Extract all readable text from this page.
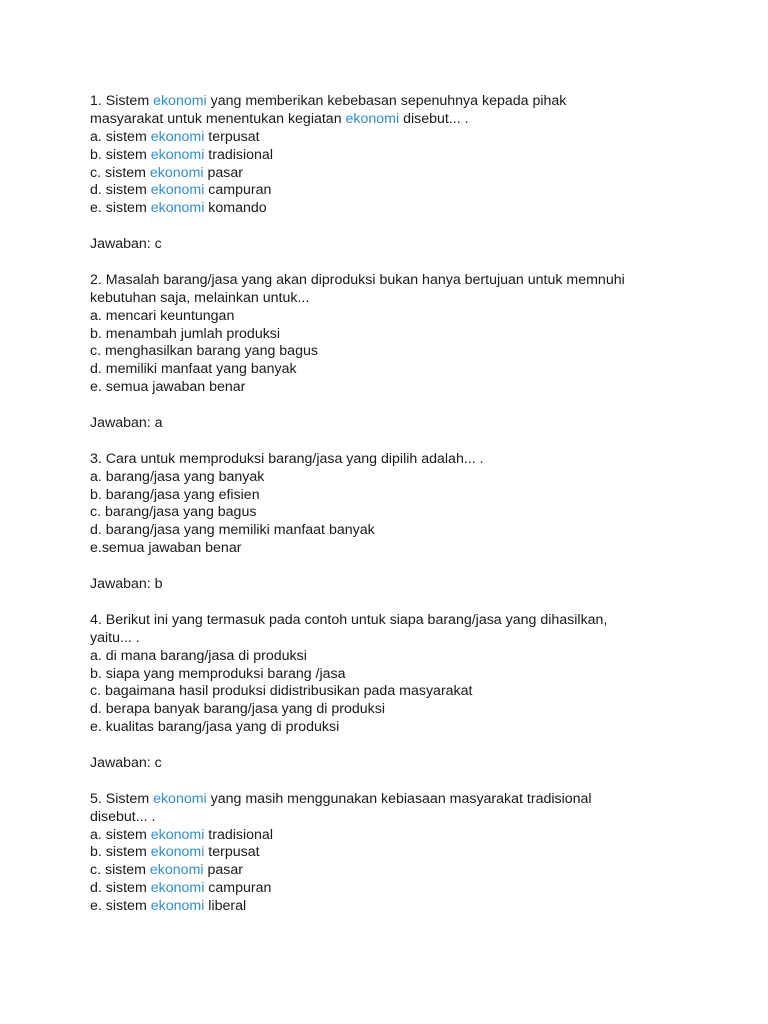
1. Sistem ekonomi yang memberikan kebebasan sepenuhnya kepada pihak
masyarakat untuk menentukan kegiatan ekonomi disebut... .
a. sistem ekonomi terpusat
b. sistem ekonomi tradisional
c. sistem ekonomi pasar
d. sistem ekonomi campuran
e. sistem ekonomi komando
Jawaban: c
2. Masalah barang/jasa yang akan diproduksi bukan hanya bertujuan untuk memnuhi
kebutuhan saja, melainkan untuk...
a. mencari keuntungan
b. menambah jumlah produksi
c. menghasilkan barang yang bagus
d. memiliki manfaat yang banyak
e. semua jawaban benar
Jawaban: a
3. Cara untuk memproduksi barang/jasa yang dipilih adalah... .
a. barang/jasa yang banyak
b. barang/jasa yang efisien
c. barang/jasa yang bagus
d. barang/jasa yang memiliki manfaat banyak
e.semua jawaban benar
Jawaban: b
4. Berikut ini yang termasuk pada contoh untuk siapa barang/jasa yang dihasilkan,
yaitu... .
a. di mana barang/jasa di produksi
b. siapa yang memproduksi barang /jasa
c. bagaimana hasil produksi didistribusikan pada masyarakat
d. berapa banyak barang/jasa yang di produksi
e. kualitas barang/jasa yang di produksi
Jawaban: c
5. Sistem ekonomi yang masih menggunakan kebiasaan masyarakat tradisional
disebut... .
a. sistem ekonomi tradisional
b. sistem ekonomi terpusat
c. sistem ekonomi pasar
d. sistem ekonomi campuran
e. sistem ekonomi liberal
